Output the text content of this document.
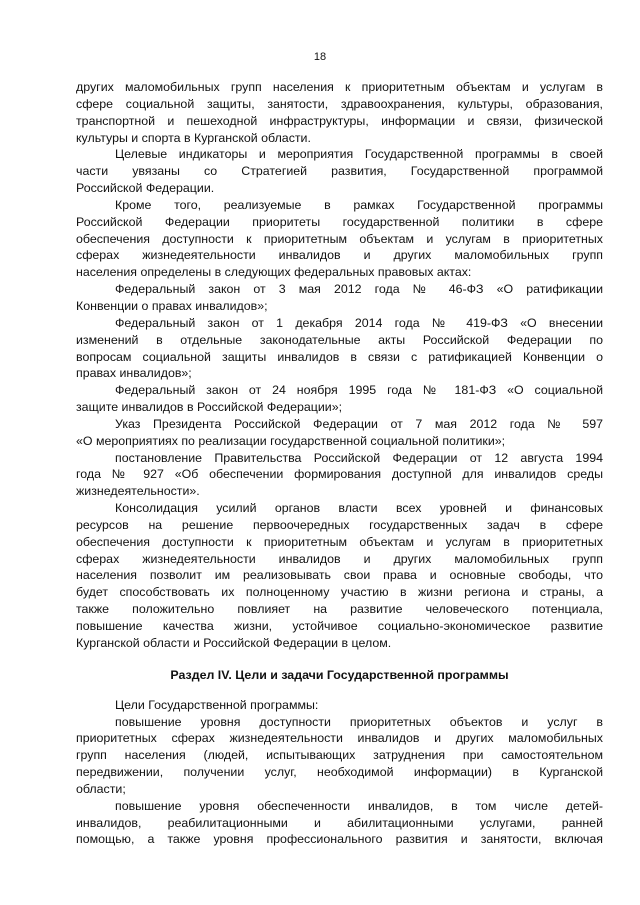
18
других маломобильных групп населения к приоритетным объектам и услугам в
сфере социальной защиты, занятости, здравоохранения, культуры, образования,
транспортной и пешеходной инфраструктуры, информации и связи, физической
культуры и спорта в Курганской области.
Целевые индикаторы и мероприятия Государственной программы в своей
части увязаны со Стратегией развития, Государственной программой
Российской Федерации.
Кроме того, реализуемые в рамках Государственной программы
Российской Федерации приоритеты государственной политики в сфере
обеспечения доступности к приоритетным объектам и услугам в приоритетных
сферах жизнедеятельности инвалидов и других маломобильных групп
населения определены в следующих федеральных правовых актах:
Федеральный закон от 3 мая 2012 года № 46-ФЗ «О ратификации
Конвенции о правах инвалидов»;
Федеральный закон от 1 декабря 2014 года № 419-ФЗ «О внесении
изменений в отдельные законодательные акты Российской Федерации по
вопросам социальной защиты инвалидов в связи с ратификацией Конвенции о
правах инвалидов»;
Федеральный закон от 24 ноября 1995 года № 181-ФЗ «О социальной
защите инвалидов в Российской Федерации»;
Указ Президента Российской Федерации от 7 мая 2012 года № 597
«О мероприятиях по реализации государственной социальной политики»;
постановление Правительства Российской Федерации от 12 августа 1994
года № 927 «Об обеспечении формирования доступной для инвалидов среды
жизнедеятельности».
Консолидация усилий органов власти всех уровней и финансовых
ресурсов на решение первоочередных государственных задач в сфере
обеспечения доступности к приоритетным объектам и услугам в приоритетных
сферах жизнедеятельности инвалидов и других маломобильных групп
населения позволит им реализовывать свои права и основные свободы, что
будет способствовать их полноценному участию в жизни региона и страны, а
также положительно повлияет на развитие человеческого потенциала,
повышение качества жизни, устойчивое социально-экономическое развитие
Курганской области и Российской Федерации в целом.
Раздел IV. Цели и задачи Государственной программы
Цели Государственной программы:
повышение уровня доступности приоритетных объектов и услуг в
приоритетных сферах жизнедеятельности инвалидов и других маломобильных
групп населения (людей, испытывающих затруднения при самостоятельном
передвижении, получении услуг, необходимой информации) в Курганской
области;
повышение уровня обеспеченности инвалидов, в том числе детей-
инвалидов, реабилитационными и абилитационными услугами, ранней
помощью, а также уровня профессионального развития и занятости, включая
